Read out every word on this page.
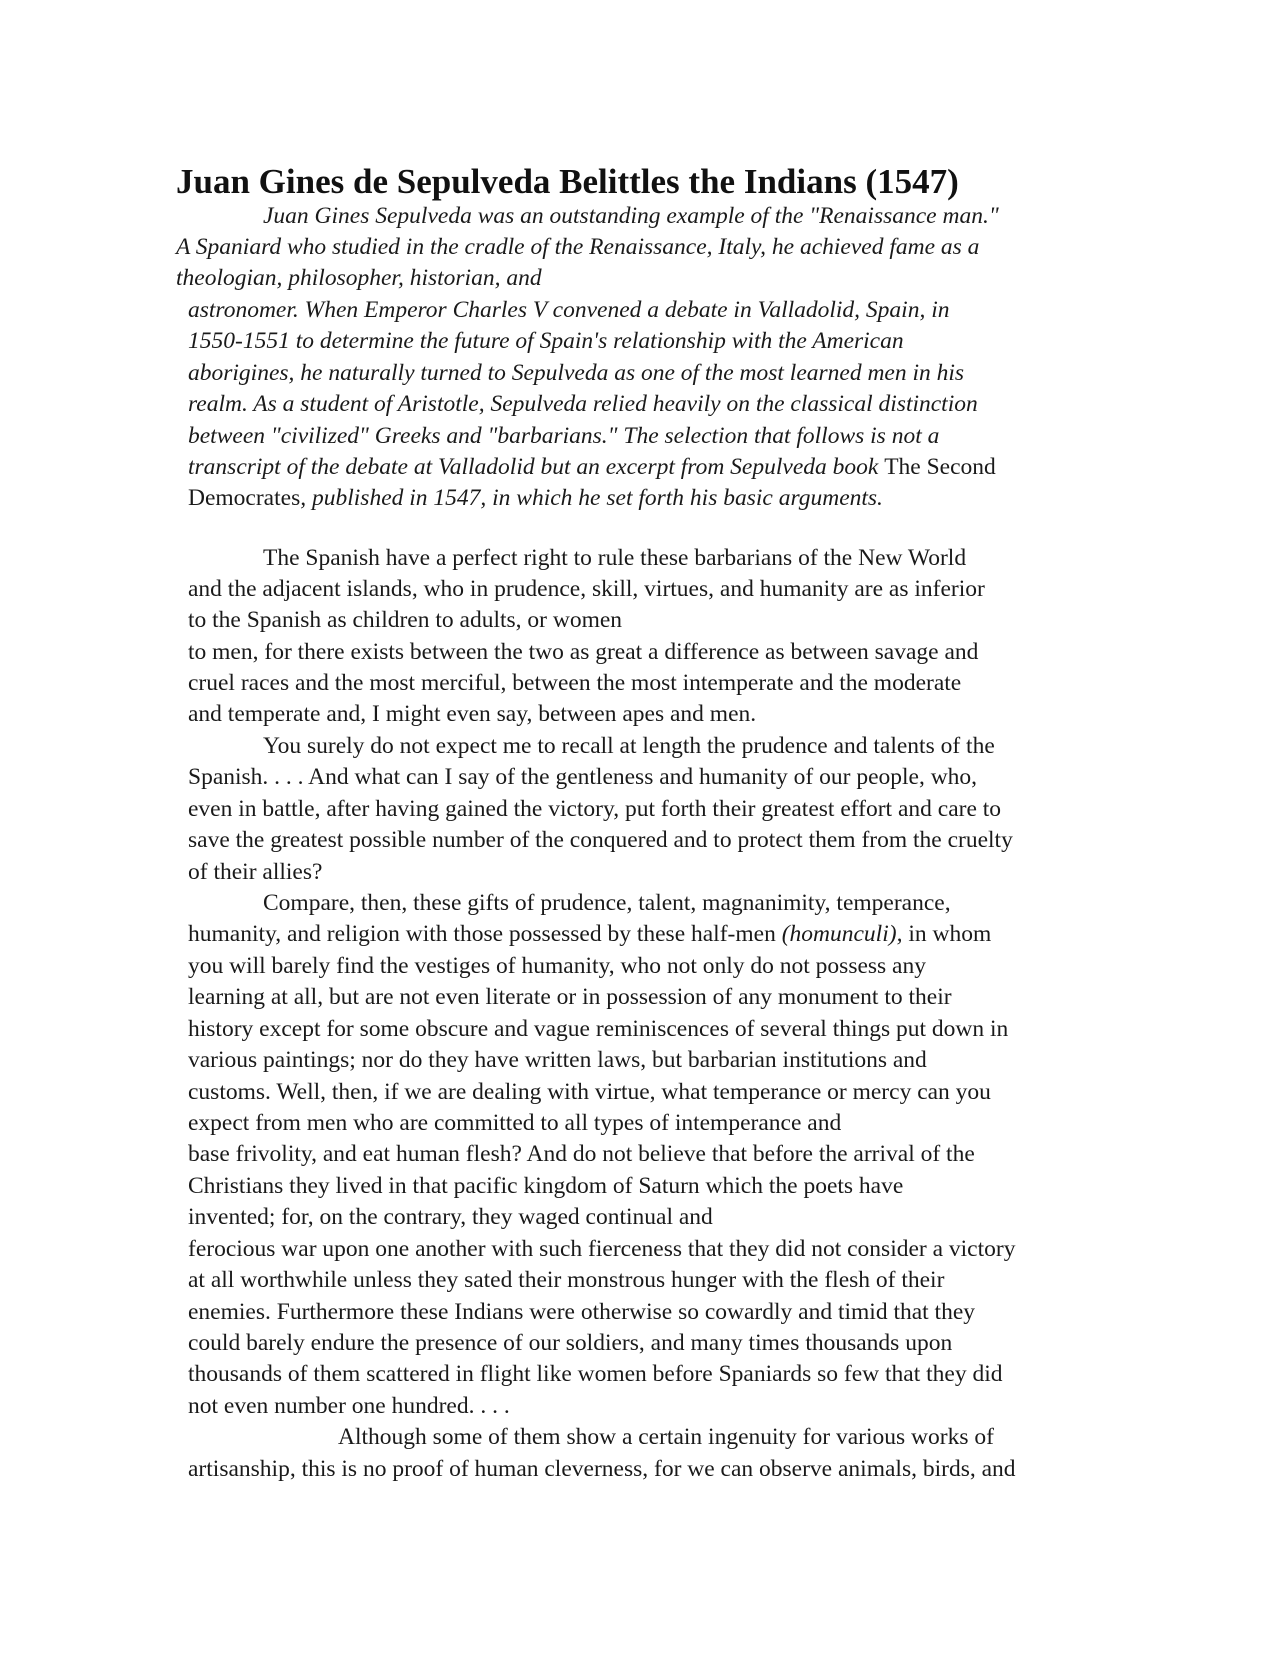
Juan Gines de Sepulveda Belittles the Indians (1547)
Juan Gines Sepulveda was an outstanding example of the "Renaissance man."
A Spaniard who studied in the cradle of the Renaissance, Italy, he achieved fame as a
theologian, philosopher, historian, and
astronomer. When Emperor Charles V convened a debate in Valladolid, Spain, in
1550-1551 to determine the future of Spain's relationship with the American
aborigines, he naturally turned to Sepulveda as one of the most learned men in his
realm. As a student of Aristotle, Sepulveda relied heavily on the classical distinction
between "civilized" Greeks and "barbarians." The selection that follows is not a
transcript of the debate at Valladolid but an excerpt from Sepulveda book The Second
Democrates, published in 1547, in which he set forth his basic arguments.
The Spanish have a perfect right to rule these barbarians of the New World
and the adjacent islands, who in prudence, skill, virtues, and humanity are as inferior
to the Spanish as children to adults, or women
to men, for there exists between the two as great a difference as between savage and
cruel races and the most merciful, between the most intemperate and the moderate
and temperate and, I might even say, between apes and men.
You surely do not expect me to recall at length the prudence and talents of the
Spanish. . . . And what can I say of the gentleness and humanity of our people, who,
even in battle, after having gained the victory, put forth their greatest effort and care to
save the greatest possible number of the conquered and to protect them from the cruelty
of their allies?
Compare, then, these gifts of prudence, talent, magnanimity, temperance,
humanity, and religion with those possessed by these half-men (homunculi), in whom
you will barely find the vestiges of humanity, who not only do not possess any
learning at all, but are not even literate or in possession of any monument to their
history except for some obscure and vague reminiscences of several things put down in
various paintings; nor do they have written laws, but barbarian institutions and
customs. Well, then, if we are dealing with virtue, what temperance or mercy can you
expect from men who are committed to all types of intemperance and
base frivolity, and eat human flesh? And do not believe that before the arrival of the
Christians they lived in that pacific kingdom of Saturn which the poets have
invented; for, on the contrary, they waged continual and
ferocious war upon one another with such fierceness that they did not consider a victory
at all worthwhile unless they sated their monstrous hunger with the flesh of their
enemies. Furthermore these Indians were otherwise so cowardly and timid that they
could barely endure the presence of our soldiers, and many times thousands upon
thousands of them scattered in flight like women before Spaniards so few that they did
not even number one hundred. . . .
Although some of them show a certain ingenuity for various works of
artisanship, this is no proof of human cleverness, for we can observe animals, birds, and
